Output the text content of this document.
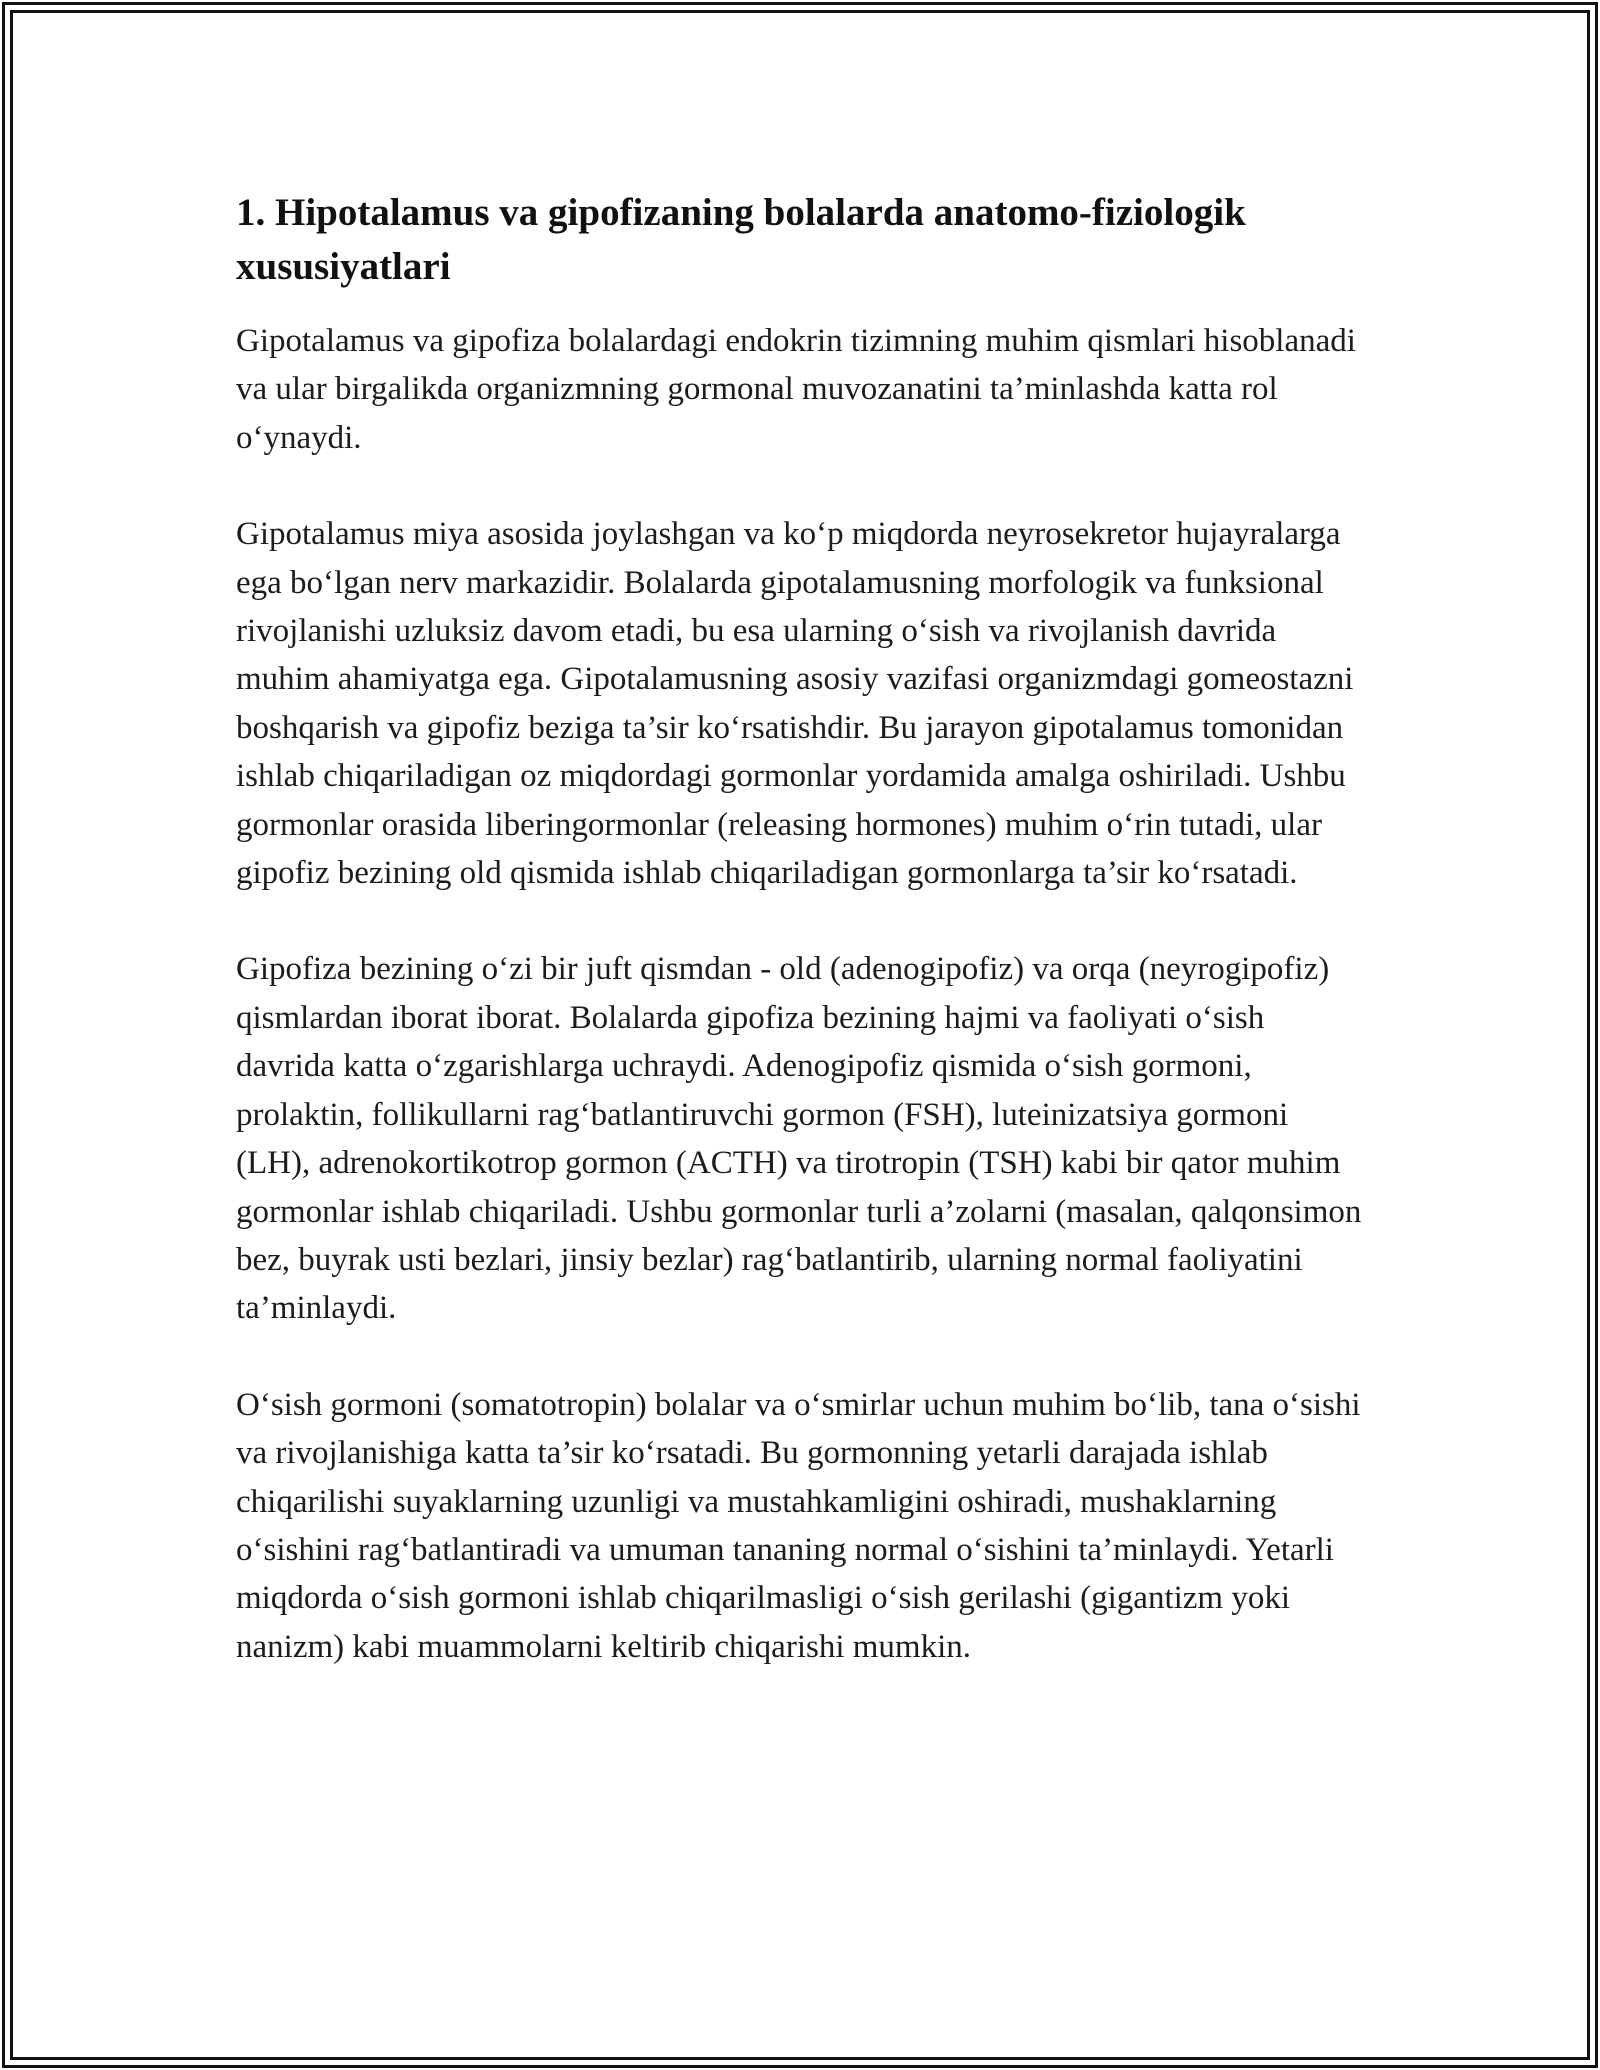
1. Hipotalamus va gipofizaning bolalarda anatomo-fiziologik xususiyatlari

Gipotalamus va gipofiza bolalardagi endokrin tizimning muhim qismlari hisoblanadi va ular birgalikda organizmning gormonal muvozanatini ta’minlashda katta rol o‘ynaydi.

Gipotalamus miya asosida joylashgan va ko‘p miqdorda neyrosekretor hujayralarga ega bo‘lgan nerv markazidir. Bolalarda gipotalamusning morfologik va funksional rivojlanishi uzluksiz davom etadi, bu esa ularning o‘sish va rivojlanish davrida muhim ahamiyatga ega. Gipotalamusning asosiy vazifasi organizmdagi gomeostazni boshqarish va gipofiz beziga ta’sir ko‘rsatishdir. Bu jarayon gipotalamus tomonidan ishlab chiqariladigan oz miqdordagi gormonlar yordamida amalga oshiriladi. Ushbu gormonlar orasida liberingormonlar (releasing hormones) muhim o‘rin tutadi, ular gipofiz bezining old qismida ishlab chiqariladigan gormonlarga ta’sir ko‘rsatadi.

Gipofiza bezining o‘zi bir juft qismdan - old (adenogipofiz) va orqa (neyrogipofiz) qismlardan iborat iborat. Bolalarda gipofiza bezining hajmi va faoliyati o‘sish davrida katta o‘zgarishlarga uchraydi. Adenogipofiz qismida o‘sish gormoni, prolaktin, follikullarni rag‘batlantiruvchi gormon (FSH), luteinizatsiya gormoni (LH), adrenokortikotrop gormon (ACTH) va tirotropin (TSH) kabi bir qator muhim gormonlar ishlab chiqariladi. Ushbu gormonlar turli a’zolarni (masalan, qalqonsimon bez, buyrak usti bezlari, jinsiy bezlar) rag‘batlantirib, ularning normal faoliyatini ta’minlaydi.

O‘sish gormoni (somatotropin) bolalar va o‘smirlar uchun muhim bo‘lib, tana o‘sishi va rivojlanishiga katta ta’sir ko‘rsatadi. Bu gormonning yetarli darajada ishlab chiqarilishi suyaklarning uzunligi va mustahkamligini oshiradi, mushaklarning o‘sishini rag‘batlantiradi va umuman tananing normal o‘sishini ta’minlaydi. Yetarli miqdorda o‘sish gormoni ishlab chiqarilmasligi o‘sish gerilashi (gigantizm yoki nanizm) kabi muammolarni keltirib chiqarishi mumkin.
